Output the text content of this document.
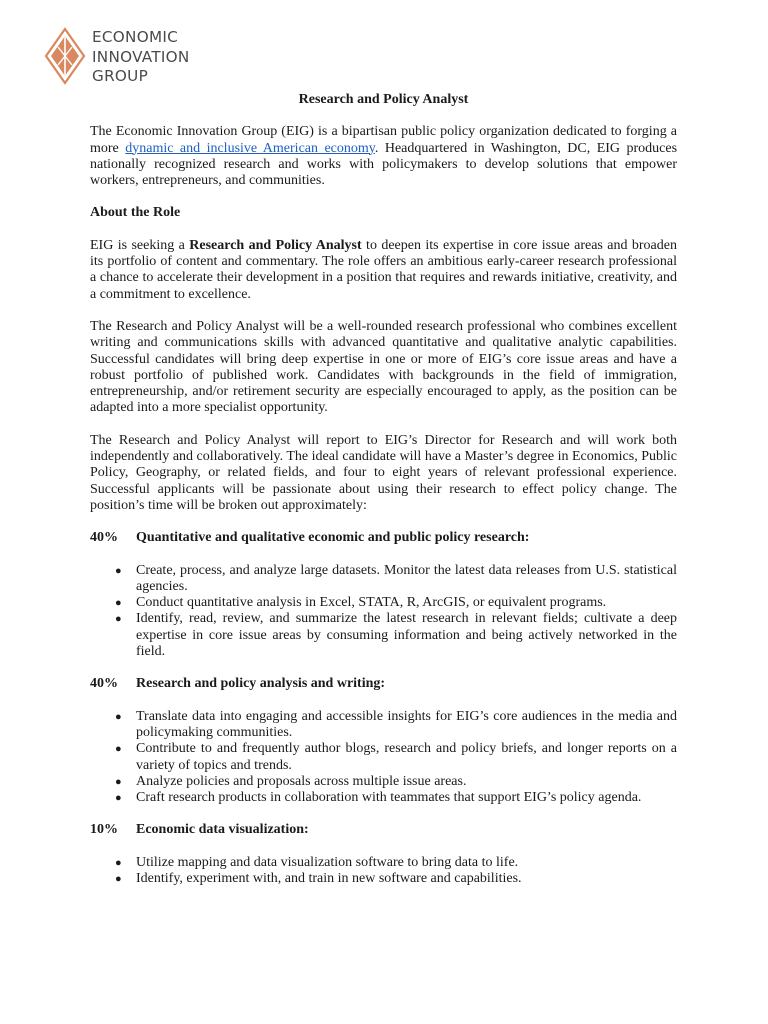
ECONOMIC
INNOVATION
GROUP
Research and Policy Analyst

The Economic Innovation Group (EIG) is a bipartisan public policy organization dedicated to forging a more dynamic and inclusive American economy. Headquartered in Washington, DC, EIG produces nationally recognized research and works with policymakers to develop solutions that empower workers, entrepreneurs, and communities.

About the Role

EIG is seeking a Research and Policy Analyst to deepen its expertise in core issue areas and broaden its portfolio of content and commentary. The role offers an ambitious early-career research professional a chance to accelerate their development in a position that requires and rewards initiative, creativity, and a commitment to excellence.

The Research and Policy Analyst will be a well-rounded research professional who combines excellent writing and communications skills with advanced quantitative and qualitative analytic capabilities. Successful candidates will bring deep expertise in one or more of EIG’s core issue areas and have a robust portfolio of published work. Candidates with backgrounds in the field of immigration, entrepreneurship, and/or retirement security are especially encouraged to apply, as the position can be adapted into a more specialist opportunity.

The Research and Policy Analyst will report to EIG’s Director for Research and will work both independently and collaboratively. The ideal candidate will have a Master’s degree in Economics, Public Policy, Geography, or related fields, and four to eight years of relevant professional experience. Successful applicants will be passionate about using their research to effect policy change. The position’s time will be broken out approximately:

40%	Quantitative and qualitative economic and public policy research:
● Create, process, and analyze large datasets. Monitor the latest data releases from U.S. statistical agencies.
● Conduct quantitative analysis in Excel, STATA, R, ArcGIS, or equivalent programs.
● Identify, read, review, and summarize the latest research in relevant fields; cultivate a deep expertise in core issue areas by consuming information and being actively networked in the field.
40%	Research and policy analysis and writing:
● Translate data into engaging and accessible insights for EIG’s core audiences in the media and policymaking communities.
● Contribute to and frequently author blogs, research and policy briefs, and longer reports on a variety of topics and trends.
● Analyze policies and proposals across multiple issue areas.
● Craft research products in collaboration with teammates that support EIG’s policy agenda.
10%	Economic data visualization:
● Utilize mapping and data visualization software to bring data to life.
● Identify, experiment with, and train in new software and capabilities.
